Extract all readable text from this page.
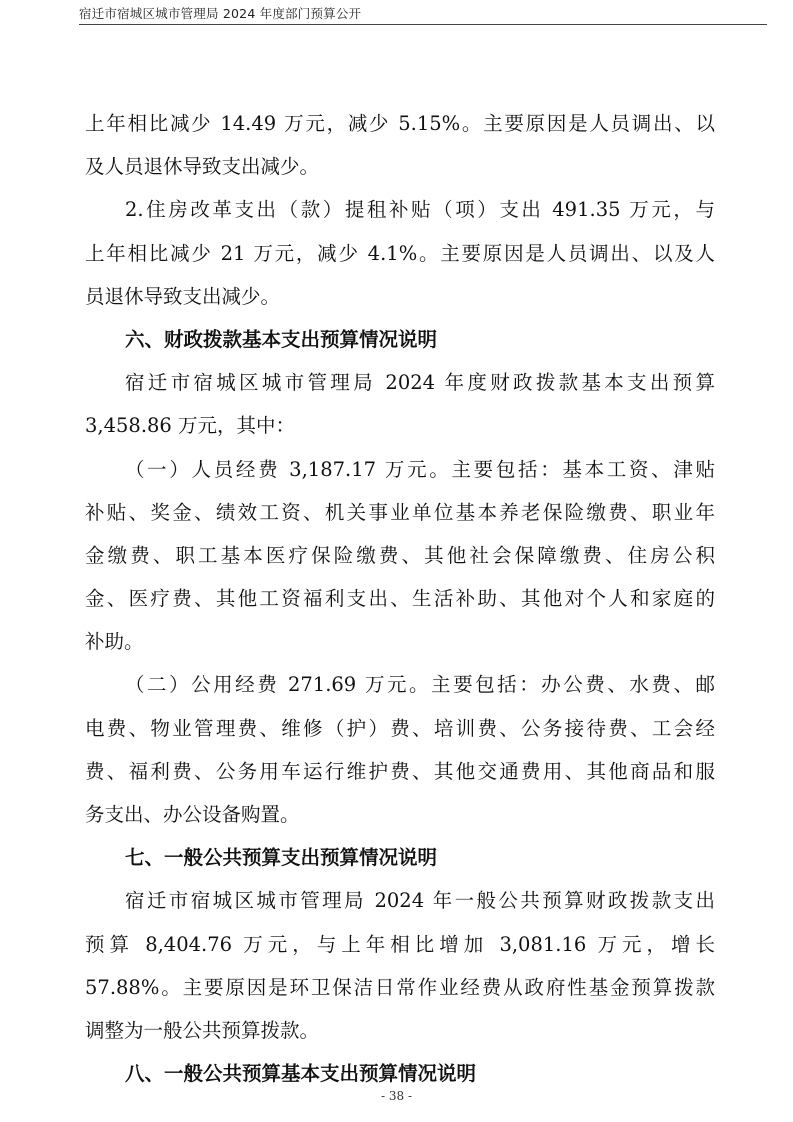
宿迁市宿城区城市管理局 2024 年度部门预算公开
上年相比减少 14.49 万元，减少 5.15%。主要原因是人员调出、以
及人员退休导致支出减少。
2.住房改革支出（款）提租补贴（项）支出 491.35 万元，与
上年相比减少 21 万元，减少 4.1%。主要原因是人员调出、以及人
员退休导致支出减少。
六、财政拨款基本支出预算情况说明
宿迁市宿城区城市管理局 2024 年度财政拨款基本支出预算
3,458.86 万元，其中：
（一）人员经费 3,187.17 万元。主要包括：基本工资、津贴
补贴、奖金、绩效工资、机关事业单位基本养老保险缴费、职业年
金缴费、职工基本医疗保险缴费、其他社会保障缴费、住房公积
金、医疗费、其他工资福利支出、生活补助、其他对个人和家庭的
补助。
（二）公用经费 271.69 万元。主要包括：办公费、水费、邮
电费、物业管理费、维修（护）费、培训费、公务接待费、工会经
费、福利费、公务用车运行维护费、其他交通费用、其他商品和服
务支出、办公设备购置。
七、一般公共预算支出预算情况说明
宿迁市宿城区城市管理局 2024 年一般公共预算财政拨款支出
预算 8,404.76 万元，与上年相比增加 3,081.16 万元，增长
57.88%。主要原因是环卫保洁日常作业经费从政府性基金预算拨款
调整为一般公共预算拨款。
八、一般公共预算基本支出预算情况说明
- 38 -
